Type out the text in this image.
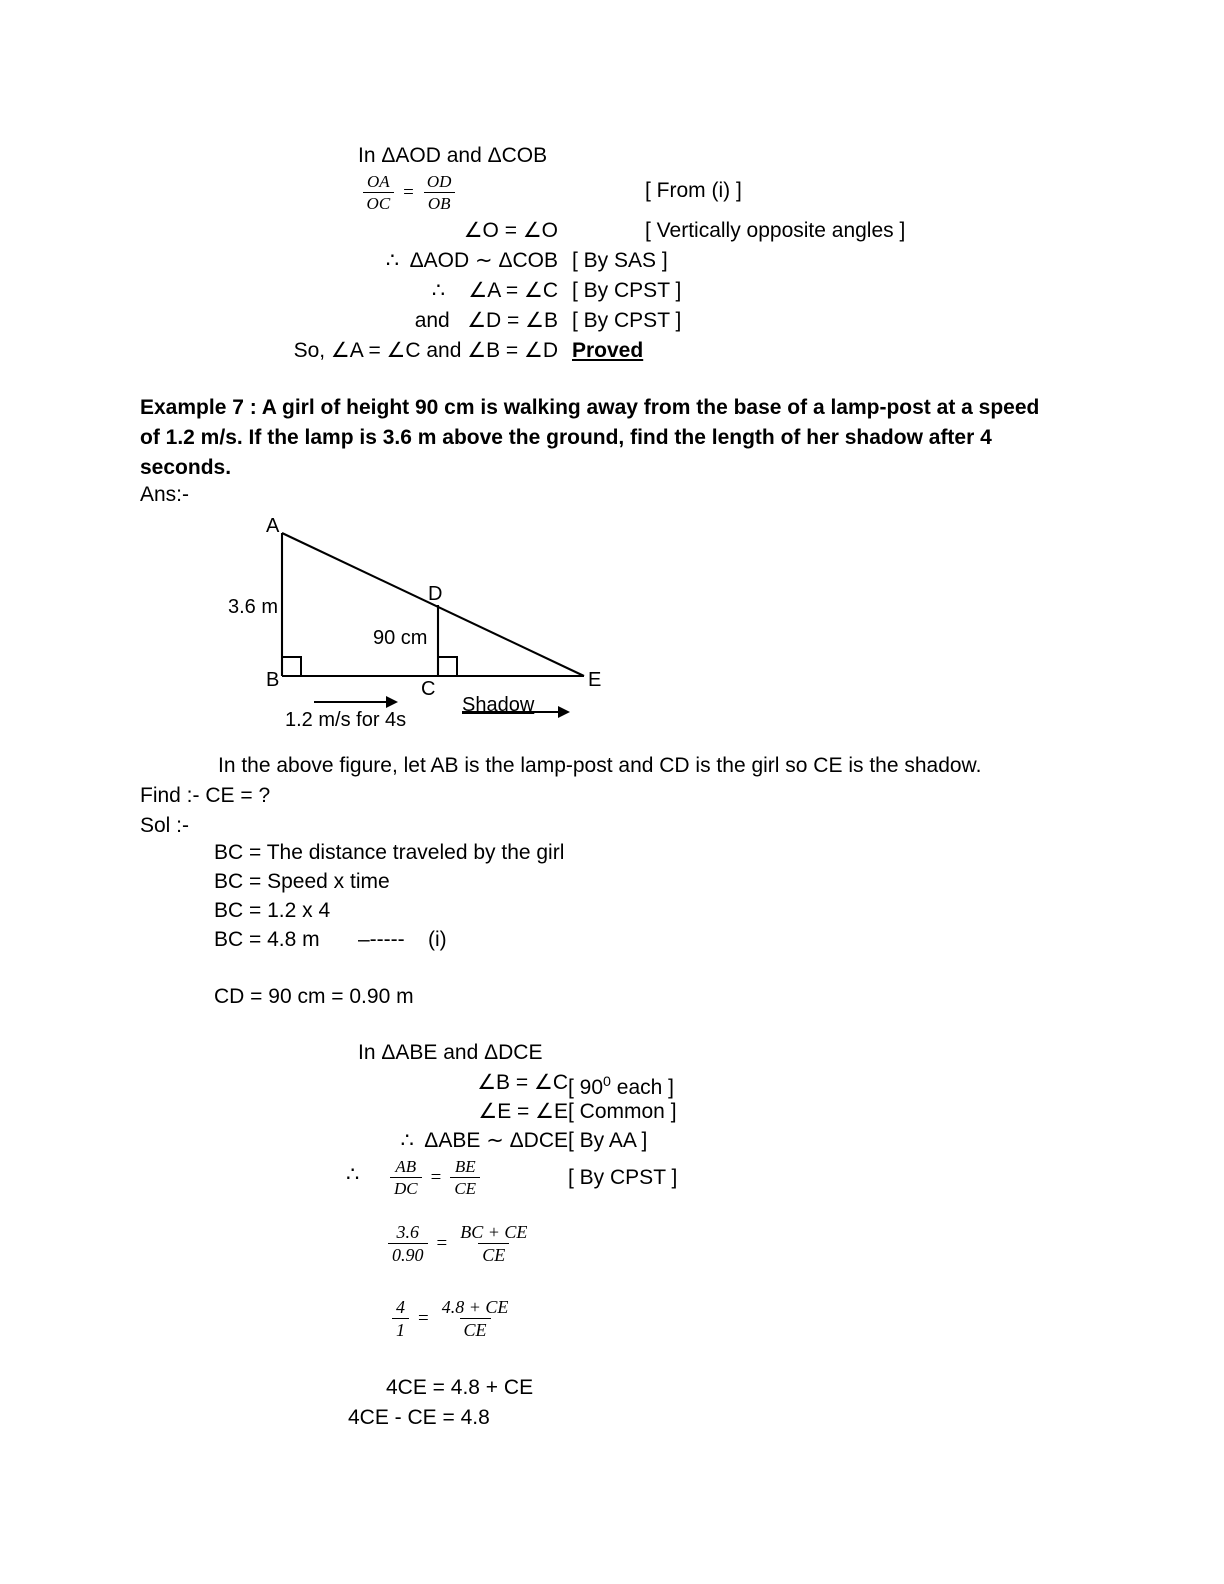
In ΔAOD and ΔCOB
$\frac{OA}{OC} = \frac{OD}{OB}$	[ From (i) ]
∠O = ∠O	[ Vertically opposite angles ]
∴  ΔAOD ∼ ΔCOB [ By SAS ]
∴    ∠A = ∠C [ By CPST ]
and   ∠D = ∠B [ By CPST ]
So, ∠A = ∠C and ∠B = ∠D Proved
Example 7 : A girl of height 90 cm is walking away from the base of a lamp-post at a speed of 1.2 m/s. If the lamp is 3.6 m above the ground, find the length of her shadow after 4 seconds.
Ans:-
A
B	C
D
E
3.6 m
90 cm
1.2 m/s for 4s
Shadow
In the above figure, let AB is the lamp-post and CD is the girl so CE is the shadow.
Find :- CE = ?
Sol :-
BC = The distance traveled by the girl
BC = Speed x time
BC = 1.2 x 4
BC = 4.8 m –----- (i)
CD = 90 cm = 0.90 m
In ΔABE and ΔDCE
∠B = ∠C [ $90^0$ each ]
∠E = ∠E [ Common ]
∴  ΔABE ∼ ΔDCE [ By AA ]
∴ $\frac{AB}{DC} = \frac{BE}{CE}$	[ By CPST ]
$\frac{3.6}{0.90} = \frac{BC + CE}{CE}$
$\frac{4}{1} = \frac{4.8 + CE}{CE}$
4CE = 4.8 + CE
4CE - CE = 4.8
